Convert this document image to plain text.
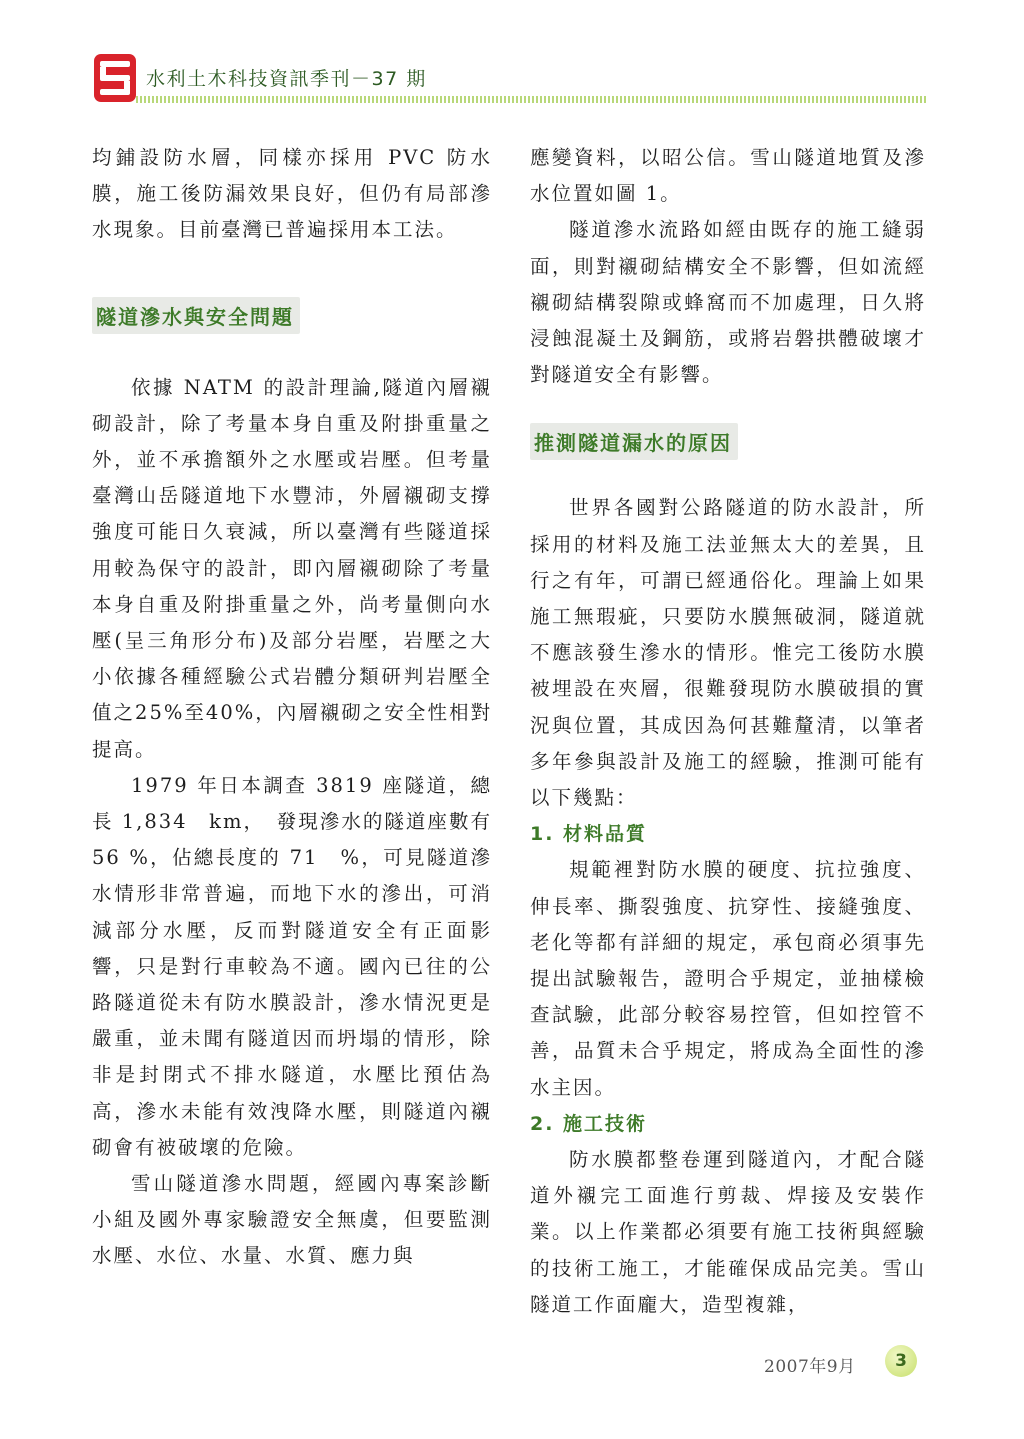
水利土木科技資訊季刊－37 期

均鋪設防水層，同樣亦採用 PVC 防水膜，施工後防漏效果良好，但仍有局部滲水現象。目前臺灣已普遍採用本工法。

隧道滲水與安全問題

依據 NATM 的設計理論,隧道內層襯砌設計，除了考量本身自重及附掛重量之外，並不承擔額外之水壓或岩壓。但考量臺灣山岳隧道地下水豐沛，外層襯砌支撐強度可能日久衰減，所以臺灣有些隧道採用較為保守的設計，即內層襯砌除了考量本身自重及附掛重量之外，尚考量側向水壓(呈三角形分布)及部分岩壓，岩壓之大小依據各種經驗公式岩體分類研判岩壓全值之25%至40%，內層襯砌之安全性相對提高。

1979 年日本調查 3819 座隧道，總長 1,834　km，　發現滲水的隧道座數有 56 %，佔總長度的 71　%，可見隧道滲水情形非常普遍，而地下水的滲出，可消減部分水壓，反而對隧道安全有正面影響，只是對行車較為不適。國內已往的公路隧道從未有防水膜設計，滲水情況更是嚴重，並未聞有隧道因而坍塌的情形，除非是封閉式不排水隧道，水壓比預估為高，滲水未能有效洩降水壓，則隧道內襯砌會有被破壞的危險。

雪山隧道滲水問題，經國內專案診斷小組及國外專家驗證安全無虞，但要監測水壓、水位、水量、水質、應力與

應變資料，以昭公信。雪山隧道地質及滲水位置如圖 1。

隧道滲水流路如經由既存的施工縫弱面，則對襯砌結構安全不影響，但如流經襯砌結構裂隙或蜂窩而不加處理，日久將浸蝕混凝土及鋼筋，或將岩磐拱體破壞才對隧道安全有影響。

推測隧道漏水的原因

世界各國對公路隧道的防水設計，所採用的材料及施工法並無太大的差異，且行之有年，可謂已經通俗化。理論上如果施工無瑕疵，只要防水膜無破洞，隧道就不應該發生滲水的情形。惟完工後防水膜被埋設在夾層，很難發現防水膜破損的實況與位置，其成因為何甚難釐清，以筆者多年參與設計及施工的經驗，推測可能有以下幾點：

1. 材料品質

規範裡對防水膜的硬度、抗拉強度、伸長率、撕裂強度、抗穿性、接縫強度、老化等都有詳細的規定，承包商必須事先提出試驗報告，證明合乎規定，並抽樣檢查試驗，此部分較容易控管，但如控管不善，品質未合乎規定，將成為全面性的滲水主因。

2. 施工技術

防水膜都整卷運到隧道內，才配合隧道外襯完工面進行剪裁、焊接及安裝作業。以上作業都必須要有施工技術與經驗的技術工施工，才能確保成品完美。雪山隧道工作面龐大，造型複雜，

2007年9月	3
